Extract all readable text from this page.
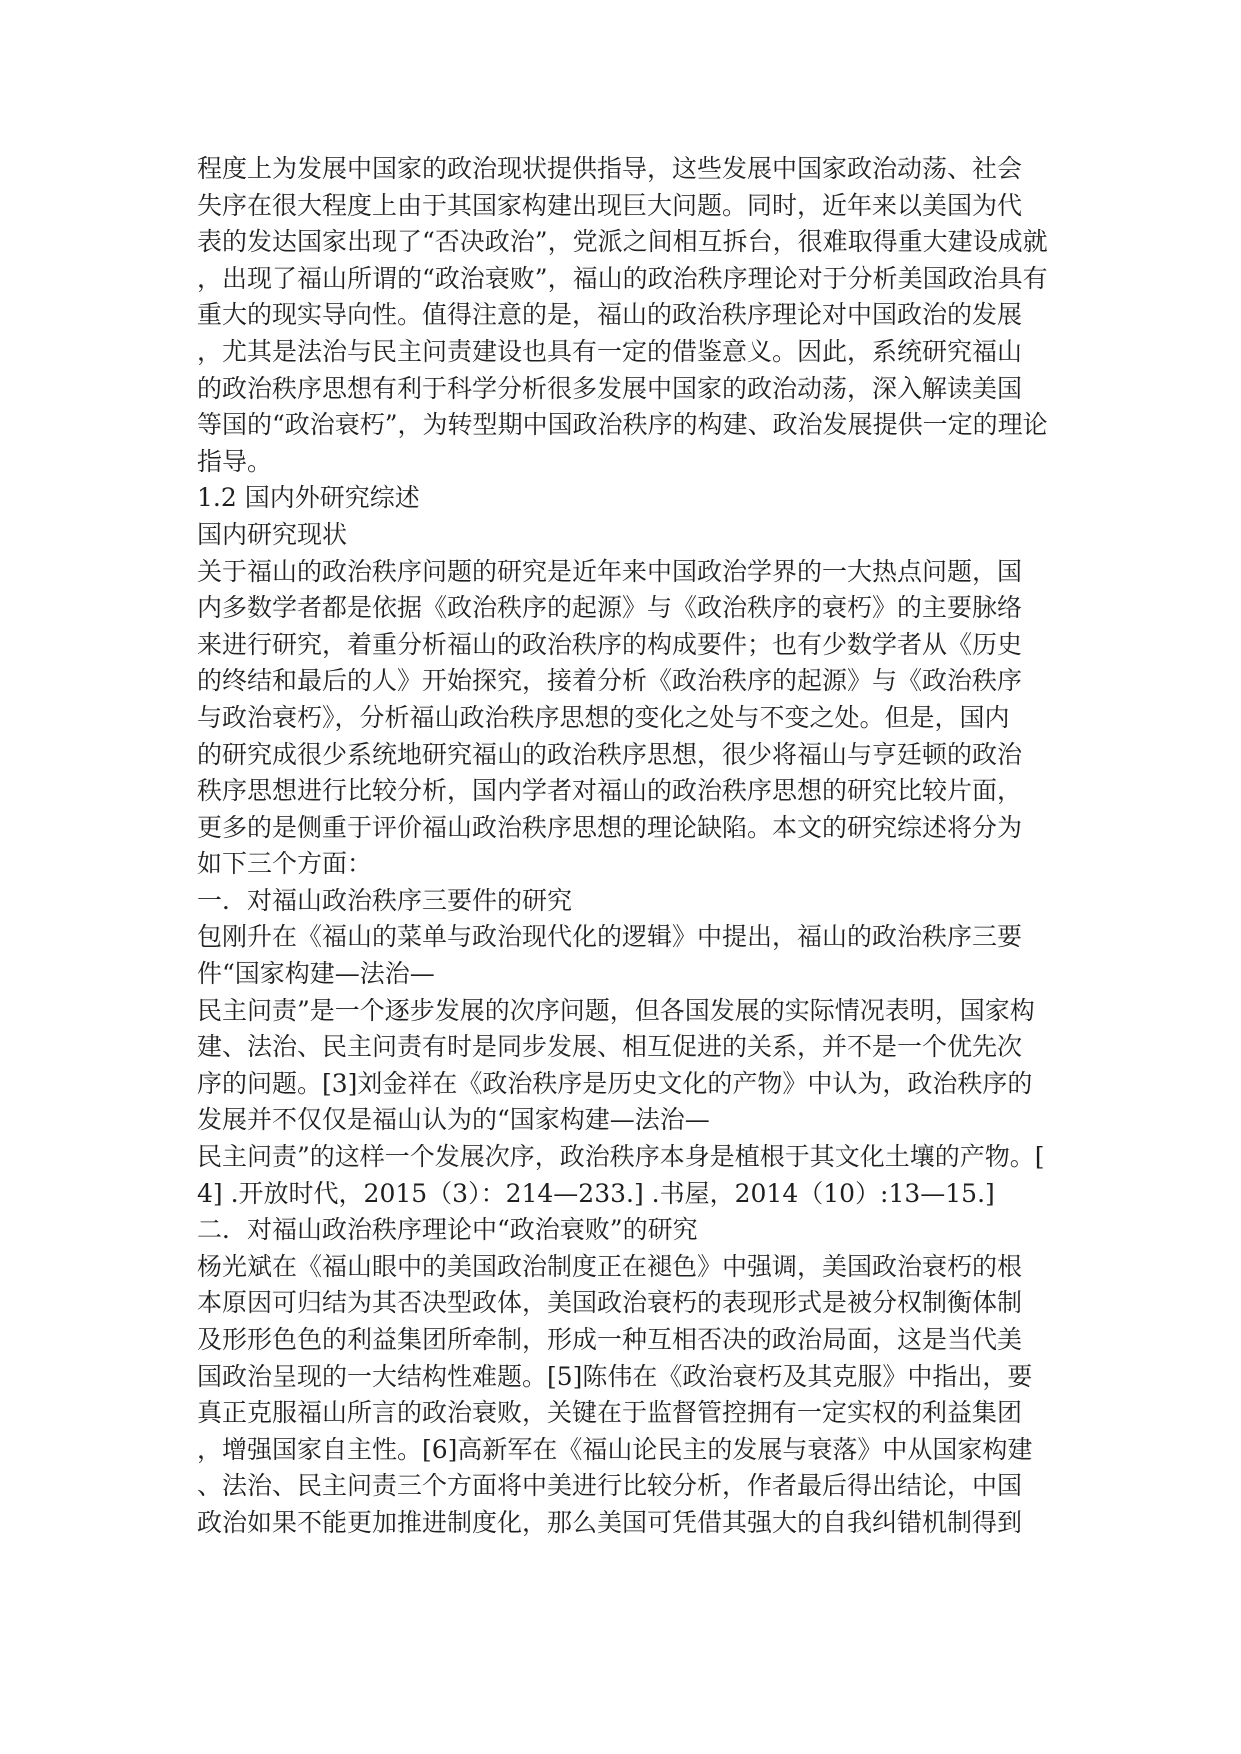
程度上为发展中国家的政治现状提供指导，这些发展中国家政治动荡、社会
失序在很大程度上由于其国家构建出现巨大问题。同时，近年来以美国为代
表的发达国家出现了“否决政治”，党派之间相互拆台，很难取得重大建设成就
，出现了福山所谓的“政治衰败”，福山的政治秩序理论对于分析美国政治具有
重大的现实导向性。值得注意的是，福山的政治秩序理论对中国政治的发展
，尤其是法治与民主问责建设也具有一定的借鉴意义。因此，系统研究福山
的政治秩序思想有利于科学分析很多发展中国家的政治动荡，深入解读美国
等国的“政治衰朽”，为转型期中国政治秩序的构建、政治发展提供一定的理论
指导。
1.2 国内外研究综述
国内研究现状
关于福山的政治秩序问题的研究是近年来中国政治学界的一大热点问题，国
内多数学者都是依据《政治秩序的起源》与《政治秩序的衰朽》的主要脉络
来进行研究，着重分析福山的政治秩序的构成要件；也有少数学者从《历史
的终结和最后的人》开始探究，接着分析《政治秩序的起源》与《政治秩序
与政治衰朽》，分析福山政治秩序思想的变化之处与不变之处。但是，国内
的研究成很少系统地研究福山的政治秩序思想，很少将福山与亨廷顿的政治
秩序思想进行比较分析，国内学者对福山的政治秩序思想的研究比较片面，
更多的是侧重于评价福山政治秩序思想的理论缺陷。本文的研究综述将分为
如下三个方面：
一．对福山政治秩序三要件的研究
包刚升在《福山的菜单与政治现代化的逻辑》中提出，福山的政治秩序三要
件“国家构建—法治—
民主问责”是一个逐步发展的次序问题，但各国发展的实际情况表明，国家构
建、法治、民主问责有时是同步发展、相互促进的关系，并不是一个优先次
序的问题。[3]刘金祥在《政治秩序是历史文化的产物》中认为，政治秩序的
发展并不仅仅是福山认为的“国家构建—法治—
民主问责”的这样一个发展次序，政治秩序本身是植根于其文化土壤的产物。[
4] .开放时代，2015（3）：214—233.] .书屋，2014（10）:13—15.]
二．对福山政治秩序理论中“政治衰败”的研究
杨光斌在《福山眼中的美国政治制度正在褪色》中强调，美国政治衰朽的根
本原因可归结为其否决型政体，美国政治衰朽的表现形式是被分权制衡体制
及形形色色的利益集团所牵制，形成一种互相否决的政治局面，这是当代美
国政治呈现的一大结构性难题。[5]陈伟在《政治衰朽及其克服》中指出，要
真正克服福山所言的政治衰败，关键在于监督管控拥有一定实权的利益集团
，增强国家自主性。[6]高新军在《福山论民主的发展与衰落》中从国家构建
、法治、民主问责三个方面将中美进行比较分析，作者最后得出结论，中国
政治如果不能更加推进制度化，那么美国可凭借其强大的自我纠错机制得到
